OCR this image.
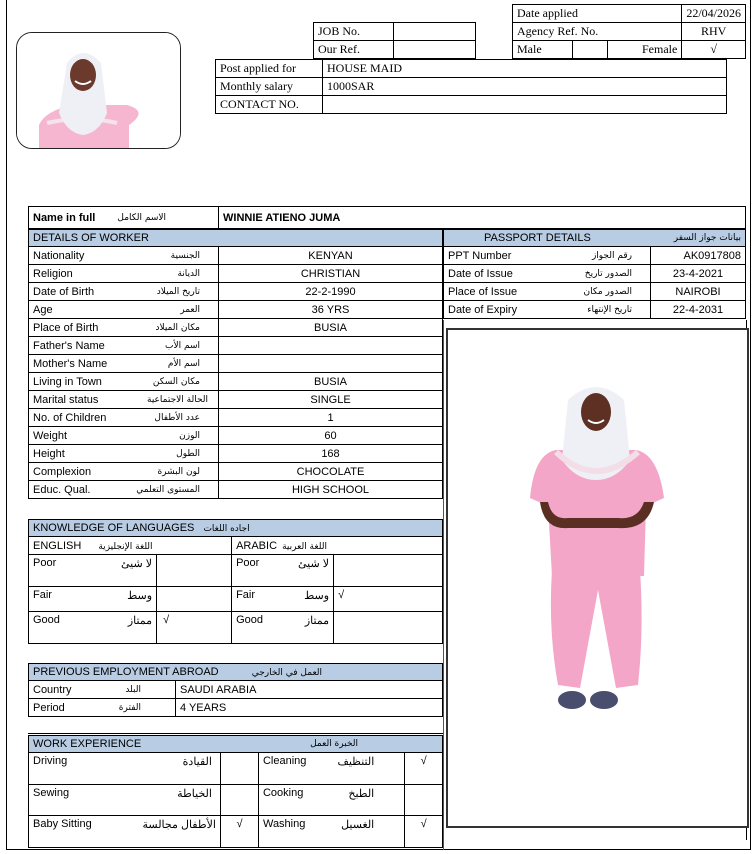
JOB No.	
Our Ref.	
Date applied			22/04/2026
Agency Ref. No.			RHV
Male		Female	√
Post applied for	HOUSE MAID
Monthly salary	1000SAR
CONTACT NO.	
Name in full الاسم الكامل	WINNIE ATIENO JUMA
DETAILS OF WORKER	

Nationality الجنسية	KENYAN

Religion الديانة	CHRISTIAN

Date of Birth تاريخ الميلاد	22-2-1990

Age العمر	36 YRS

Place of Birth مكان الميلاد	BUSIA

Father's Name اسم الأب	

Mother's Name اسم الأم	

Living in Town مكان السكن	BUSIA

Marital status الحالة الاجتماعية	SINGLE

No. of Children عدد الأطفال	1

Weight الوزن	60

Height الطول	168

Complexion لون البشرة	CHOCOLATE

Educ. Qual. المستوى التعلمي	HIGH SCHOOL
PASSPORT DETAILS بيانات جواز السفر	

PPT Number رقم الجواز	AK0917808

Date of Issue الصدور تاريخ	23-4-2021

Place of Issue الصدور مكان	NAIROBI

Date of Expiry تاريخ الإنتهاء	22-4-2031
KNOWLEDGE OF LANGUAGES اجاده اللغات					
ENGLISH اللغة الإنجليزية			ARABIC اللغة العربية		
Poor	لا شيئ		Poor	لا شيئ	
Fair	وسط		Fair	وسط	√
Good	ممتاز	√	Good	ممتاز	
PREVIOUS EMPLOYMENT ABROAD العمل في الخارجي	

Country البلد	SAUDI ARABIA

Period الفترة	4 YEARS
WORK EXPERIENCE الخبرة العمل					

Driving	القيادة		Cleaning	التنظيف	√
Sewing	الخياطة		Cooking	الطبخ	
Baby Sitting	الأطفال مجالسة	√	Washing	الغسيل	√
